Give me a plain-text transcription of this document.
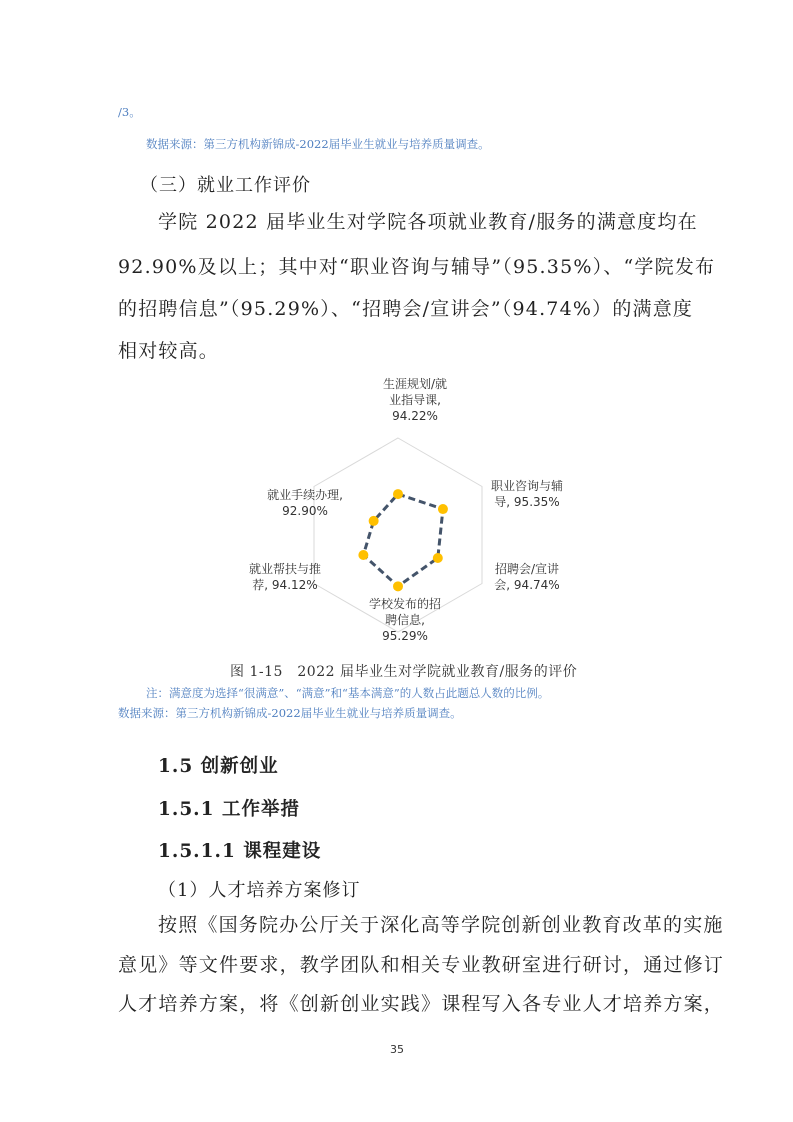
/3。
数据来源：第三方机构新锦成-2022届毕业生就业与培养质量调查。
（三）就业工作评价
学院 2022 届毕业生对学院各项就业教育/服务的满意度均在
92.90%及以上；其中对“职业咨询与辅导”（95.35%）、“学院发布
的招聘信息”（95.29%）、“招聘会/宣讲会”（94.74%）的满意度
相对较高。
生涯规划/就
业指导课,
94.22%
职业咨询与辅
导, 95.35%
招聘会/宣讲
会, 94.74%
学校发布的招
聘信息,
95.29%
就业帮扶与推
荐, 94.12%
就业手续办理,
92.90%
图 1-15　2022 届毕业生对学院就业教育/服务的评价
注：满意度为选择“很满意”、“满意”和“基本满意”的人数占此题总人数的比例。
数据来源：第三方机构新锦成-2022届毕业生就业与培养质量调查。
1.5 创新创业
1.5.1 工作举措
1.5.1.1 课程建设
（1）人才培养方案修订
按照《国务院办公厅关于深化高等学院创新创业教育改革的实施
意见》等文件要求，教学团队和相关专业教研室进行研讨，通过修订
人才培养方案，将《创新创业实践》课程写入各专业人才培养方案，
35
